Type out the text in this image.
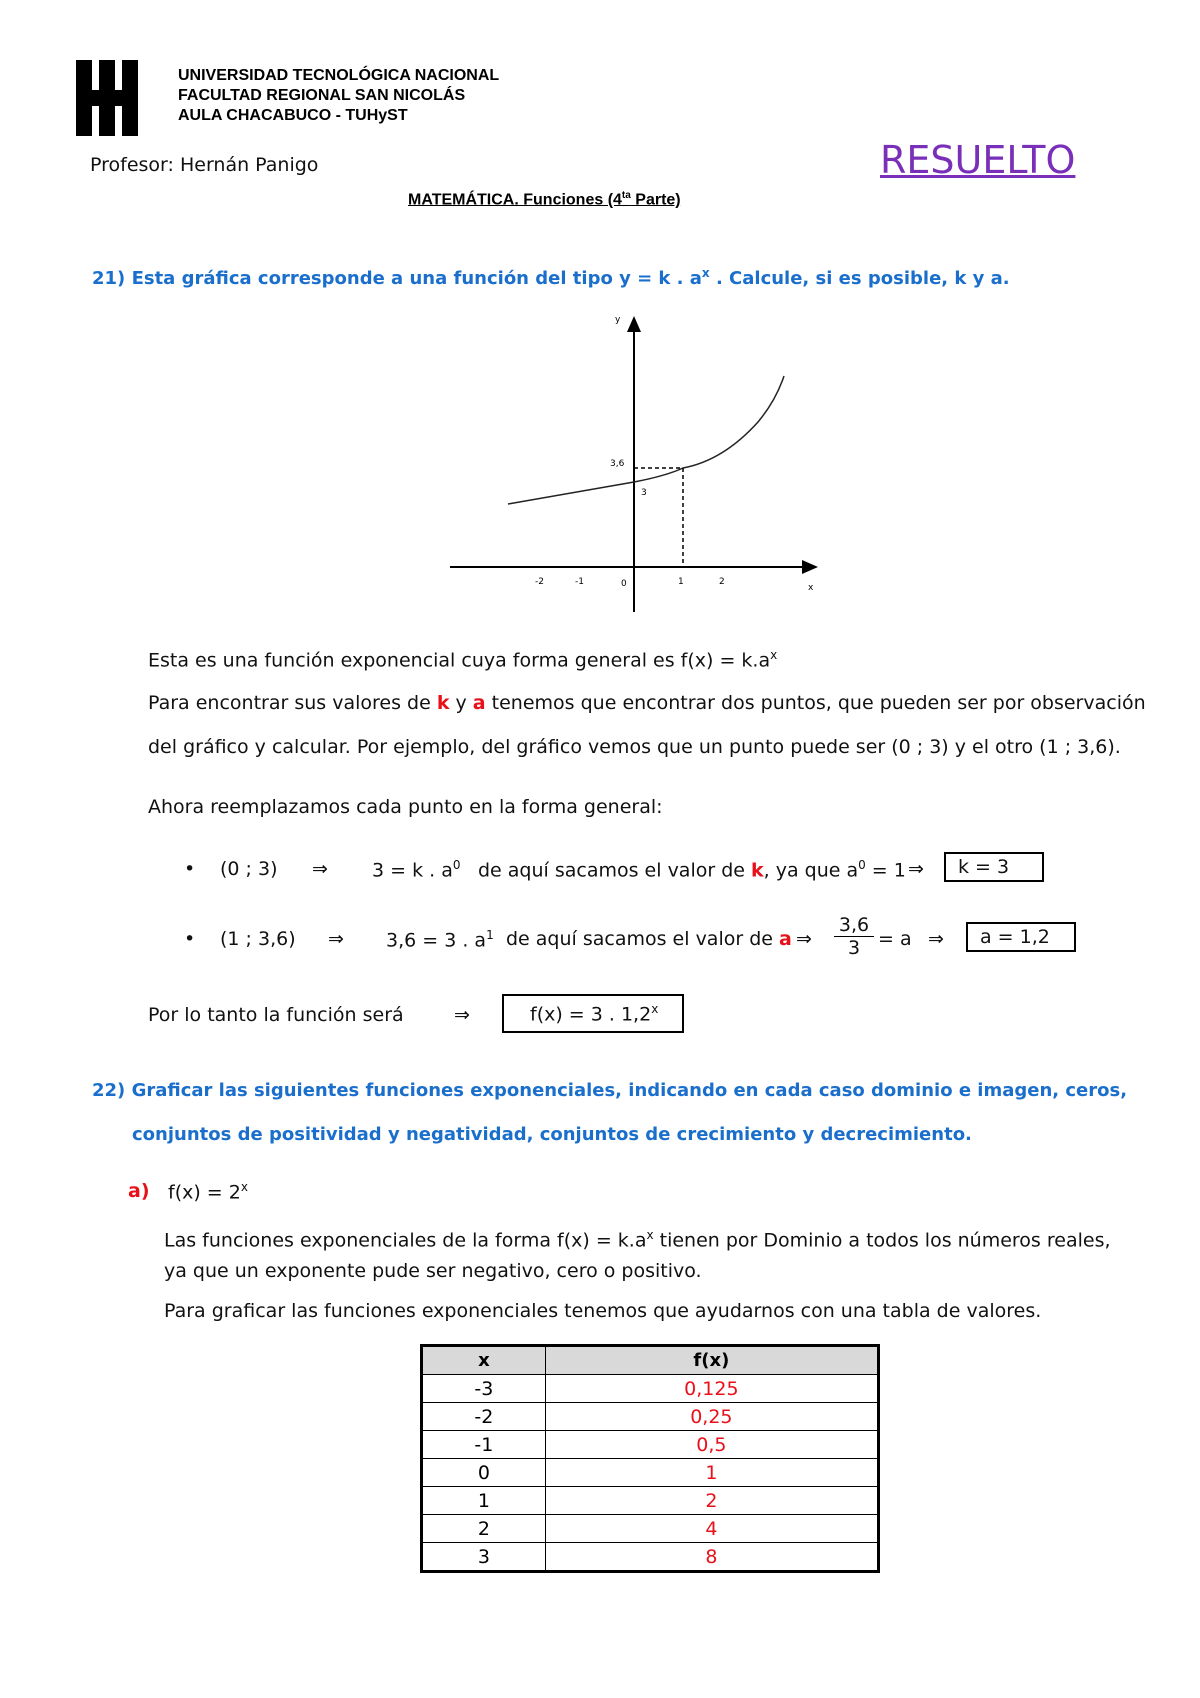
UNIVERSIDAD TECNOLÓGICA NACIONAL
FACULTAD REGIONAL SAN NICOLÁS
AULA CHACABUCO - TUHyST
Profesor: Hernán Panigo	RESUELTO
MATEMÁTICA. Funciones ($4^{ta}$ Parte)
21) Esta gráfica corresponde a una función del tipo y = k . $a^x$ . Calcule, si es posible, k y a.
y
x
3,6
3
-2	-1	0	1	2
Esta es una función exponencial cuya forma general es $f(x) = k.a^x$
Para encontrar sus valores de k y a tenemos que encontrar dos puntos, que pueden ser por observación
del gráfico y calcular. Por ejemplo, del gráfico vemos que un punto puede ser (0 ; 3) y el otro (1 ; 3,6).
Ahora reemplazamos cada punto en la forma general:
• (0 ; 3) ⇒ 3 = k . $a^0$ de aquí sacamos el valor de k, ya que $a^0 = 1$ ⇒	k = 3
• (1 ; 3,6) ⇒ 3,6 = 3 . $a^1$ de aquí sacamos el valor de a ⇒
3,6
3 = a ⇒	a = 1,2
Por lo tanto la función será	⇒	f(x) = 3 . 1,2$^x$
22) Graficar las siguientes funciones exponenciales, indicando en cada caso dominio e imagen, ceros,
conjuntos de positividad y negatividad, conjuntos de crecimiento y decrecimiento.
a) $f(x) = 2^x$
Las funciones exponenciales de la forma $f(x) = k.a^x$ tienen por Dominio a todos los números reales,
ya que un exponente pude ser negativo, cero o positivo.
Para graficar las funciones exponenciales tenemos que ayudarnos con una tabla de valores.
x	f(x)
-3	0,125
-2	0,25
-1	0,5
0	1
1	2
2	4
3	8
